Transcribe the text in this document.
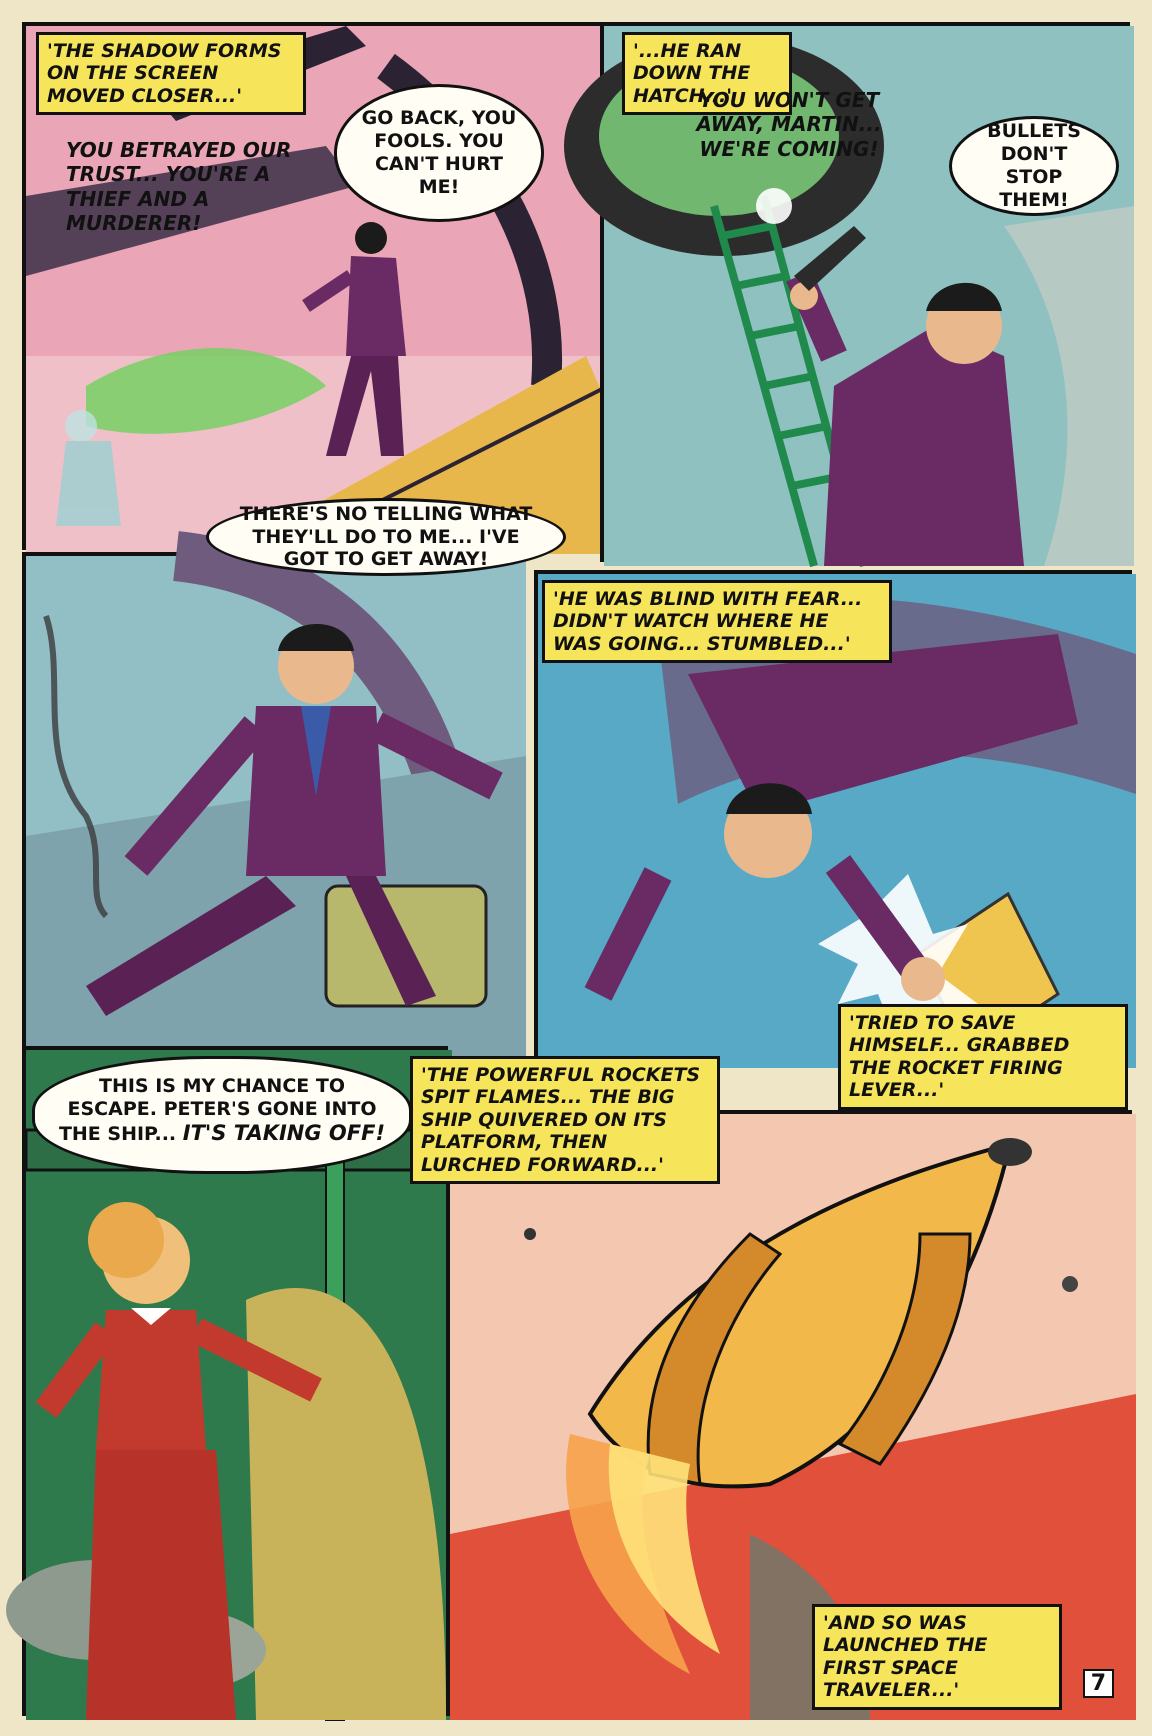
'THE SHADOW FORMS ON THE SCREEN MOVED CLOSER...'
YOU BETRAYED OUR TRUST... YOU'RE A THIEF AND A MURDERER!
GO BACK, YOU FOOLS. YOU CAN'T HURT ME!
THERE'S NO TELLING WHAT THEY'LL DO TO ME... I'VE GOT TO GET AWAY!
'...HE RAN DOWN THE HATCH...'
YOU WON'T GET AWAY, MARTIN... WE'RE COMING!
BULLETS DON'T STOP THEM!
'HE WAS BLIND WITH FEAR... DIDN'T WATCH WHERE HE WAS GOING... STUMBLED...'
'TRIED TO SAVE HIMSELF... GRABBED THE ROCKET FIRING LEVER...'
THIS IS MY CHANCE TO ESCAPE. PETER'S GONE INTO THE SHIP... IT'S TAKING OFF!
'THE POWERFUL ROCKETS SPIT FLAMES... THE BIG SHIP QUIVERED ON ITS PLATFORM, THEN LURCHED FORWARD...'
'AND SO WAS LAUNCHED THE FIRST SPACE TRAVELER...'	7
